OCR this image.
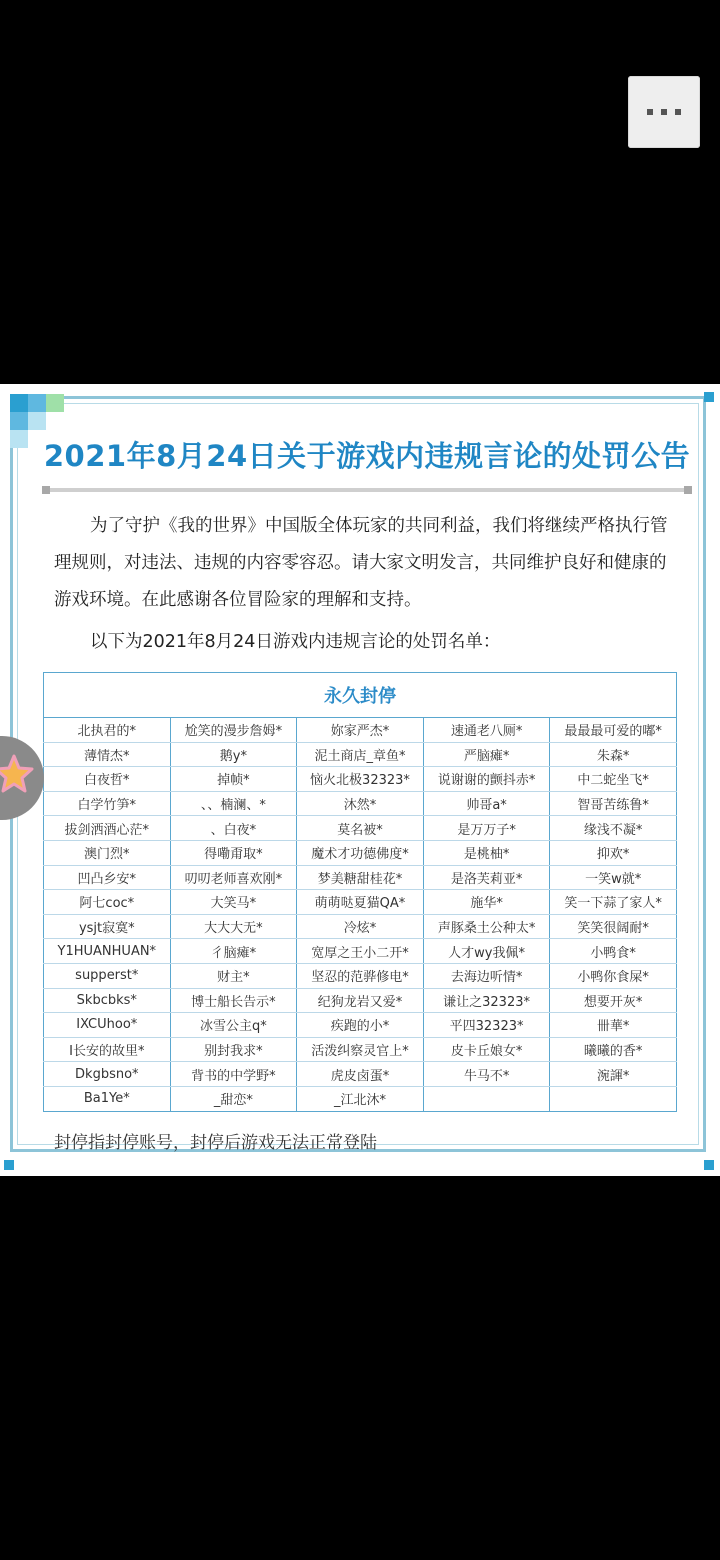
2021年8月24日关于游戏内违规言论的处罚公告
为了守护《我的世界》中国版全体玩家的共同利益，我们将继续严格执行管理规则，对违法、违规的内容零容忍。请大家文明发言，共同维护良好和健康的游戏环境。在此感谢各位冒险家的理解和支持。
以下为2021年8月24日游戏内违规言论的处罚名单：
永久封停				
北执君的*	尬笑的漫步詹姆*	妳家严杰*	速通老八厕*	最最最可爱的嘟*
薄情杰*	鹅y*	泥土商店_章鱼*	严脑瘫*	朱森*
白夜哲*	掉帧*	恼火北极32323*	说谢谢的颤抖赤*	中二蛇坐飞*
白学竹笋*	、、楠澜、*	沐然*	帅哥a*	智哥苦练鲁*
拔剑洒酒心茫*	、白夜*	莫名被*	是万万子*	缘浅不凝*
澳门烈*	得嘞甭取*	魔术才功德佛度*	是桃柚*	抑欢*
凹凸乡安*	叨叨老师喜欢刚*	梦美糖甜桂花*	是洛芙莉亚*	一笑w就*
阿七coc*	大笑马*	萌萌哒夏猫QA*	施华*	笑一下蒜了家人*
ysjt寂寞*	大大大无*	冷炫*	声豚桑土公种太*	笑笑很阔耐*
Y1HUANHUAN*	彳脑瘫*	宽厚之王小二开*	人才wy我佩*	小鸭食*
supperst*	财主*	坚忍的范骅修电*	去海边听情*	小鸭你食屎*
Skbcbks*	博士船长告示*	纪狗龙岩又爱*	谦让之32323*	想要开灰*
IXCUhoo*	冰雪公主q*	疾跑的小*	平四32323*	卌華*
I长安的故里*	别封我求*	活泼纠察灵官上*	皮卡丘娘女*	曦曦的香*
Dkgbsno*	背书的中学野*	虎皮卤蛋*	牛马不*	涴諢*
Ba1Ye*	_甜恋*	_江北沐*		
封停指封停账号，封停后游戏无法正常登陆
